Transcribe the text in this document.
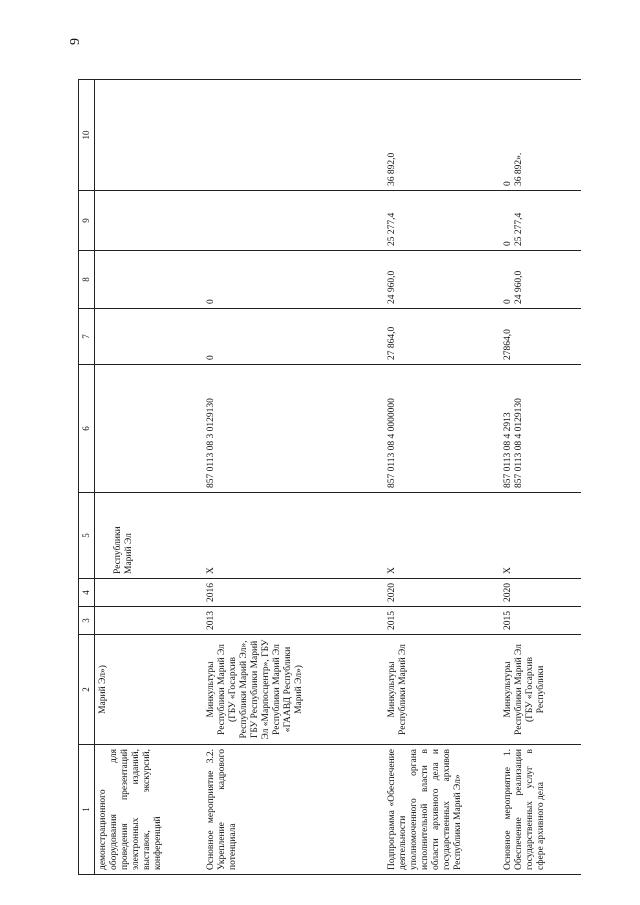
9
1	2	3	4	5	6	7	8	9	10
демонстрационного оборудования для проведения презентаций электронных изданий, выставок, экскурсий, конференций	Марий Эл»)			Республики Марий Эл					
Основное мероприятие 3.2. Укрепление кадрового потенциала	Минкультуры Республики Марий Эл (ГБУ «Госархив Республики Марий Эл», ГБУ Республики Марий Эл «Марпосцентр», ГБУ Республики Марий Эл «ГААВД Республики Марий Эл»)	2013	2016	Х	857 0113 08 3 0129130	0	0		
Подпрограмма «Обеспечение деятельности уполномоченного органа исполнительной власти в области архивного дела и государственных архивов Республики Марий Эл»	Минкультуры Республики Марий Эл	2015	2020	Х	857 0113 08 4 0000000	27 864,0	24 960,0	25 277,4	36 892,0
Основное мероприятие 1. Обеспечение реализации государственных услуг в сфере архивного дела	Минкультуры Республики Марий Эл (ГБУ «Госархив Республики	2015	2020	Х	857 0113 08 4 2913 857 0113 08 4 0129130	27864,0	0 24 960,0	0 25 277,4	0 36 892».
